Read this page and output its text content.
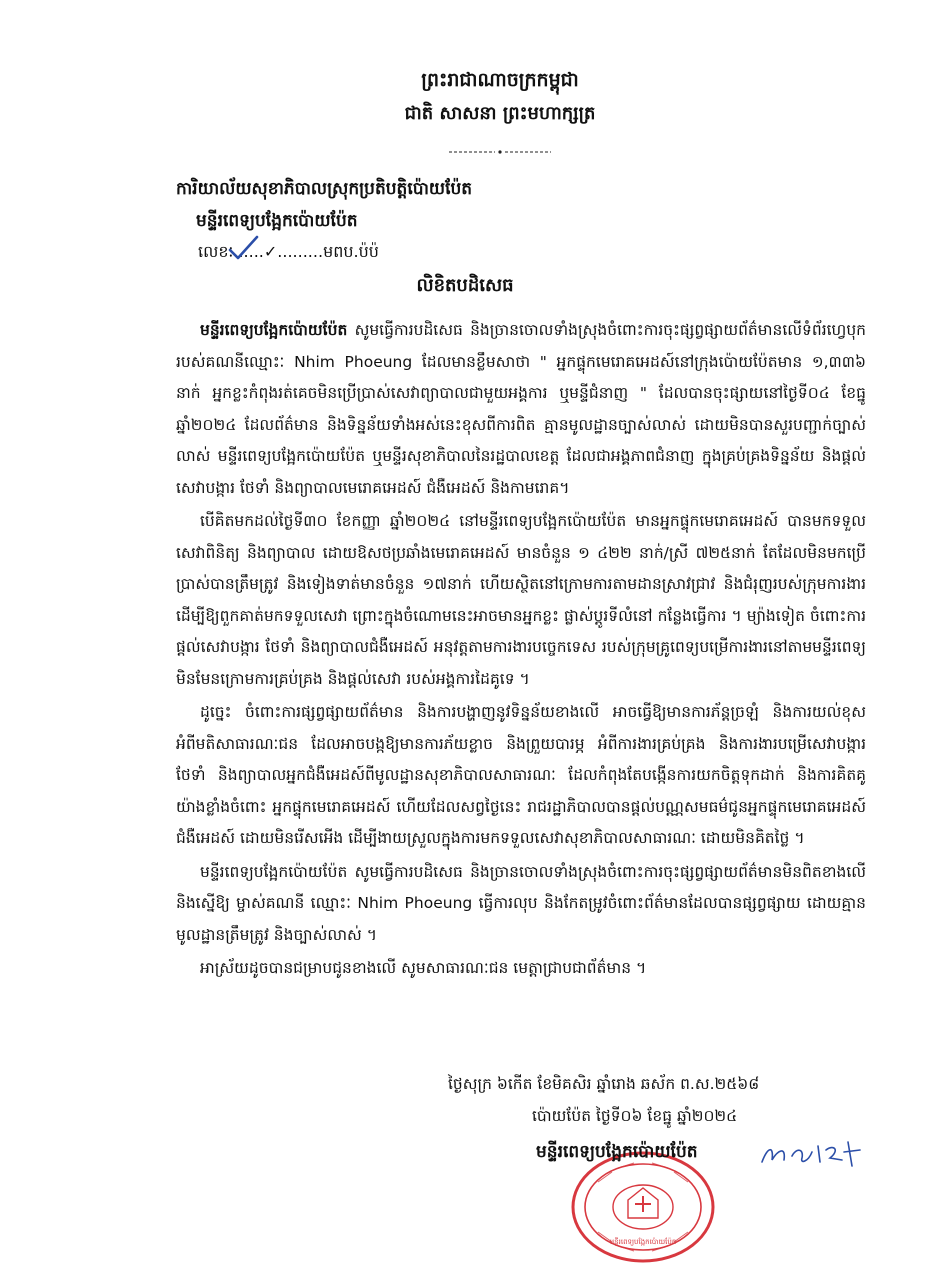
ព្រះរាជាណាចក្រកម្ពុជា
ជាតិ សាសនា ព្រះមហាក្សត្រ
ការិយាល័យសុខាភិបាលស្រុកប្រតិបត្តិប៉ោយប៉ែត
មន្ទីរពេទ្យបង្អែកប៉ោយប៉ែត
លេខៈ......✓.........មពប.ប៉ប៉
លិខិតបដិសេធ

មន្ទីរពេទ្យបង្អែកប៉ោយប៉ែត សូមធ្វើការបដិសេធ និងច្រានចោលទាំងស្រុងចំពោះការចុះផ្សព្វផ្សាយព័ត៌មានលើទំព័រហ្វេបុករបស់គណនីឈ្មោះៈ Nhim Phoeung ដែលមានខ្លឹមសាថា " អ្នកផ្ទុកមេរោគអេដស៍នៅក្រុងប៉ោយប៉ែតមាន ១,៣៣៦ នាក់ អ្នកខ្លះកំពុងរត់គេចមិនប្រើប្រាស់សេវាព្យាបាលជាមួយអង្គការ ឬមន្ទីជំនាញ " ដែលបានចុះផ្សាយនៅថ្ងៃទី០៤ ខែធ្នូ ឆ្នាំ២០២៤ ដែលព័ត៌មាន និងទិន្នន័យទាំងអស់នេះខុសពីការពិត គ្មានមូលដ្ឋានច្បាស់លាស់ ដោយមិនបានសួរបញ្ជាក់ច្បាស់លាស់ មន្ទីរពេទ្យបង្អែកប៉ោយប៉ែត ឬមន្ទីរសុខាភិបាលនៃរដ្ឋបាលខេត្ត ដែលជាអង្គភាពជំនាញ ក្នុងគ្រប់គ្រងទិន្នន័យ និងផ្តល់សេវាបង្ការ ថែទាំ និងព្យាបាលមេរោគអេដស៍ ជំងឺអេដស៍ និងកាមរោគ។

បើគិតមកដល់ថ្ងៃទី៣០ ខែកញ្ញា ឆ្នាំ២០២៤ នៅមន្ទីរពេទ្យបង្អែកប៉ោយប៉ែត មានអ្នកផ្ទុកមេរោគអេដស៍ បានមកទទួលសេវាពិនិត្យ និងព្យាបាល ដោយឱសថប្រឆាំងមេរោគអេដស៍ មានចំនួន ១ ៤២២ នាក់/ស្រី ៧២៥នាក់ តែដែលមិនមកប្រើប្រាស់បានត្រឹមត្រូវ និងទៀងទាត់មានចំនួន ១៧នាក់ ហើយស្ថិតនៅក្រោមការតាមដានស្រាវជ្រាវ និងជំរុញរបស់ក្រុមការងារ ដើម្បីឱ្យពួកគាត់មកទទួលសេវា ព្រោះក្នុងចំណោមនេះអាចមានអ្នកខ្លះ ផ្លាស់ប្តូរទីលំនៅ កន្លែងធ្វើការ ។ ម្យ៉ាងទៀត ចំពោះការផ្តល់សេវាបង្ការ ថែទាំ និងព្យាបាលជំងឺអេដស៍ អនុវត្តតាមការងារបច្ចេកទេស របស់ក្រុមគ្រូពេទ្យបម្រើការងារនៅតាមមន្ទីរពេទ្យ មិនមែនក្រោមការគ្រប់គ្រង និងផ្តល់សេវា របស់អង្គការដៃគូទេ ។

ដូច្នេះ ចំពោះការផ្សព្វផ្សាយព័ត៌មាន និងការបង្ហាញនូវទិន្នន័យខាងលើ អាចធ្វើឱ្យមានការភ័ន្តច្រឡំ និងការយល់ខុសអំពីមតិសាធារណៈជន ដែលអាចបង្កឱ្យមានការភ័យខ្លាច និងព្រួយបារម្ភ អំពីការងារគ្រប់គ្រង និងការងារបម្រើសេវាបង្ការ ថែទាំ និងព្យាបាលអ្នកជំងឺអេដស៍ពីមូលដ្ឋានសុខាភិបាលសាធារណៈ ដែលកំពុងតែបង្កើនការយកចិត្តទុកដាក់ និងការគិតគូយ៉ាងខ្លាំងចំពោះ អ្នកផ្ទុកមេរោគអេដស៍ ហើយដែលសព្វថ្ងៃនេះ រាជរដ្ឋាភិបាលបានផ្តល់បណ្ណសមធម៌ជូនអ្នកផ្ទុកមេរោគអេដស៍ ជំងឺអេដស៍ ដោយមិនរើសអើង ដើម្បីងាយស្រួលក្នុងការមកទទួលសេវាសុខាភិបាលសាធារណៈ ដោយមិនគិតថ្លៃ ។

មន្ទីរពេទ្យបង្អែកប៉ោយប៉ែត សូមធ្វើការបដិសេធ និងច្រានចោលទាំងស្រុងចំពោះការចុះផ្សព្វផ្សាយព័ត៌មានមិនពិតខាងលើ និងស្នើឱ្យ ម្ចាស់គណនី ឈ្មោះៈ Nhim Phoeung ធ្វើការលុប និងកែតម្រូវចំពោះព័ត៌មានដែលបានផ្សព្វផ្សាយ ដោយគ្មានមូលដ្ឋានត្រឹមត្រូវ និងច្បាស់លាស់ ។

អាស្រ័យដូចបានជម្រាបជូនខាងលើ សូមសាធារណៈជន មេត្តាជ្រាបជាព័ត៌មាន ។

ថ្ងៃសុក្រ ៦កើត ខែមិគសិរ ឆ្នាំរោង ឆស័ក ព.ស.២៥៦៨
ប៉ោយប៉ែត ថ្ងៃទី០៦ ខែធ្នូ ឆ្នាំ២០២៤
មន្ទីរពេទ្យបង្អែកប៉ោយប៉ែត
មន្ទីរពេទ្យបង្អែកប៉ោយប៉ែត
